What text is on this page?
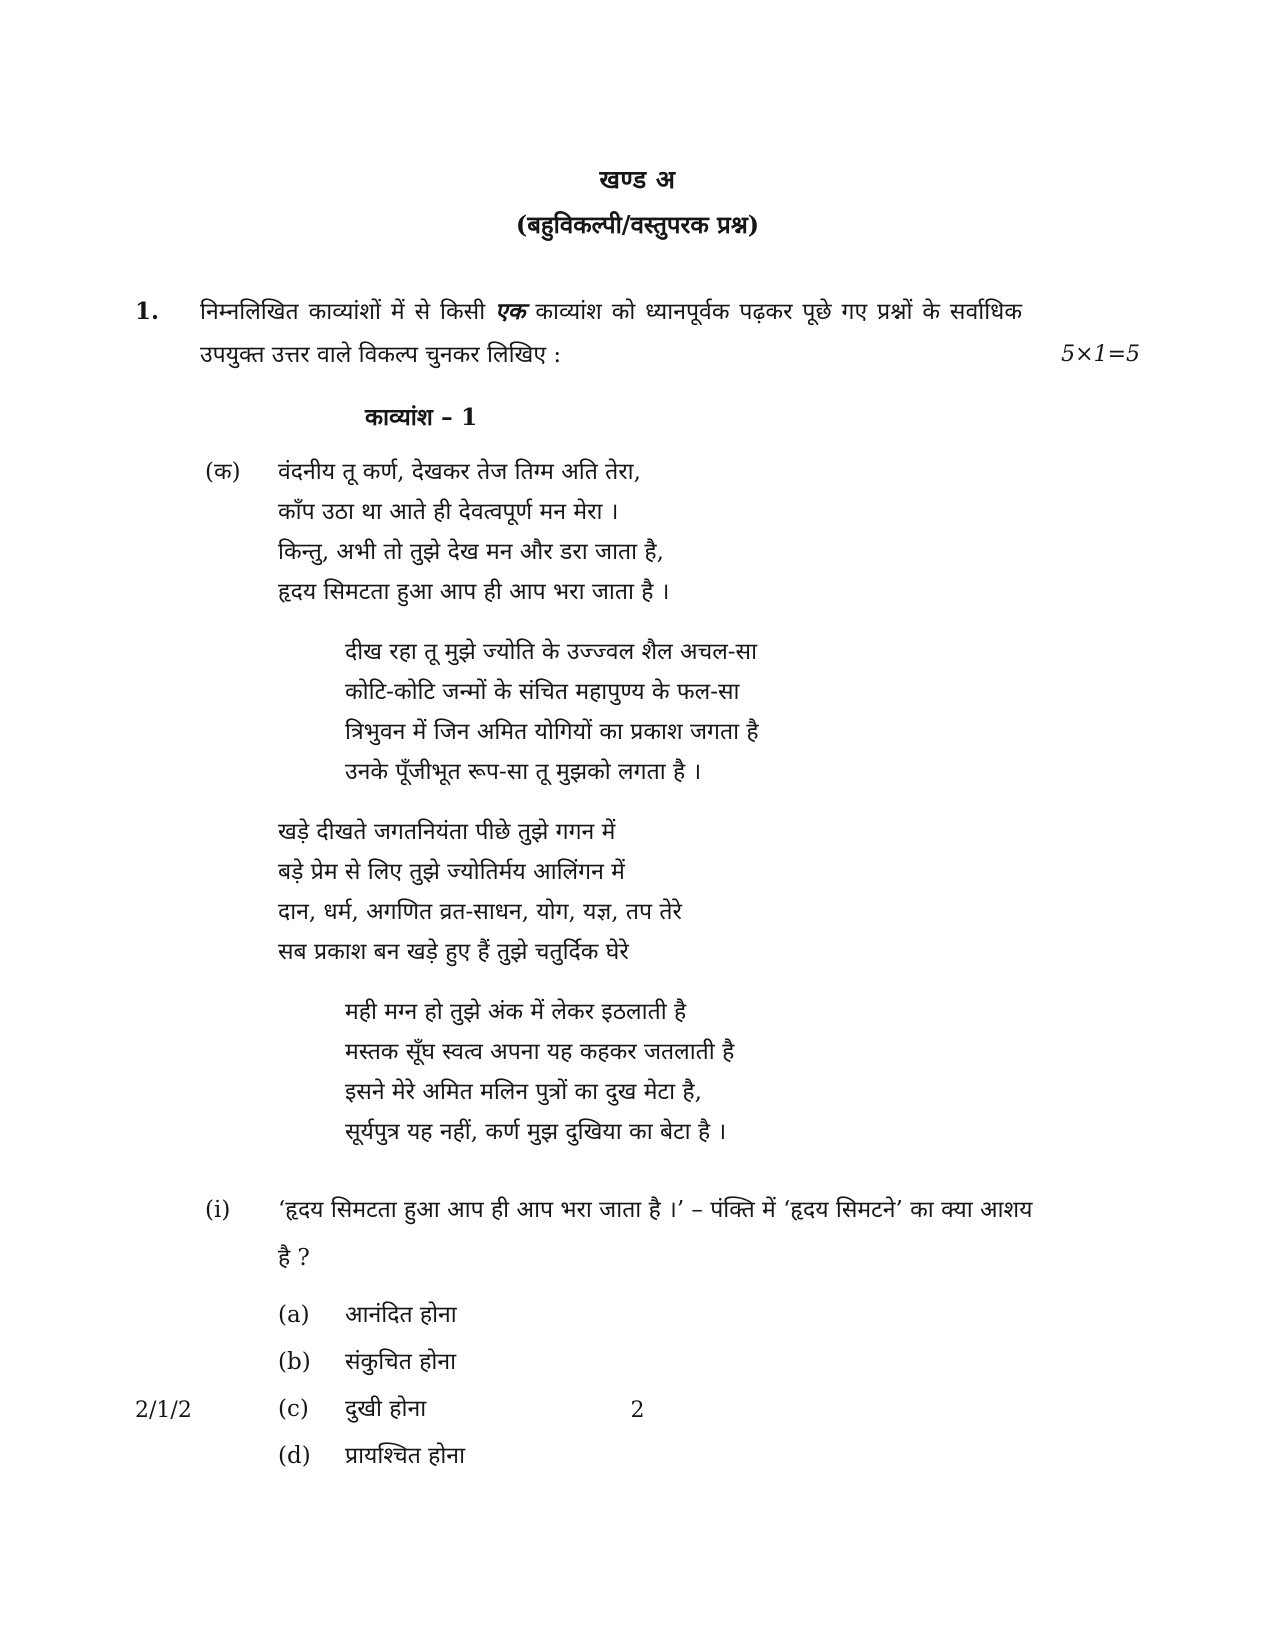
खण्ड अ
(बहुविकल्पी/वस्तुपरक प्रश्न)
1.	निम्नलिखित काव्यांशों में से किसी एक काव्यांश को ध्यानपूर्वक पढ़कर पूछे गए प्रश्नों के सर्वाधिक उपयुक्त उत्तर वाले विकल्प चुनकर लिखिए :	5×1=5
काव्यांश – 1
(क)	वंदनीय तू कर्ण, देखकर तेज तिग्म अति तेरा,
काँप उठा था आते ही देवत्वपूर्ण मन मेरा ।
किन्तु, अभी तो तुझे देख मन और डरा जाता है,
हृदय सिमटता हुआ आप ही आप भरा जाता है ।
दीख रहा तू मुझे ज्योति के उज्ज्वल शैल अचल-सा
कोटि-कोटि जन्मों के संचित महापुण्य के फल-सा
त्रिभुवन में जिन अमित योगियों का प्रकाश जगता है
उनके पूँजीभूत रूप-सा तू मुझको लगता है ।
खड़े दीखते जगतनियंता पीछे तुझे गगन में
बड़े प्रेम से लिए तुझे ज्योतिर्मय आलिंगन में
दान, धर्म, अगणित व्रत-साधन, योग, यज्ञ, तप तेरे
सब प्रकाश बन खड़े हुए हैं तुझे चतुर्दिक घेरे
मही मग्न हो तुझे अंक में लेकर इठलाती है
मस्तक सूँघ स्वत्व अपना यह कहकर जतलाती है
इसने मेरे अमित मलिन पुत्रों का दुख मेटा है,
सूर्यपुत्र यह नहीं, कर्ण मुझ दुखिया का बेटा है ।
(i)	‘हृदय सिमटता हुआ आप ही आप भरा जाता है ।’ – पंक्ति में ‘हृदय सिमटने’ का क्या आशय है ?
(a)	आनंदित होना
(b)	संकुचित होना
(c)	दुखी होना
(d)	प्रायश्चित होना
2/1/2	2
